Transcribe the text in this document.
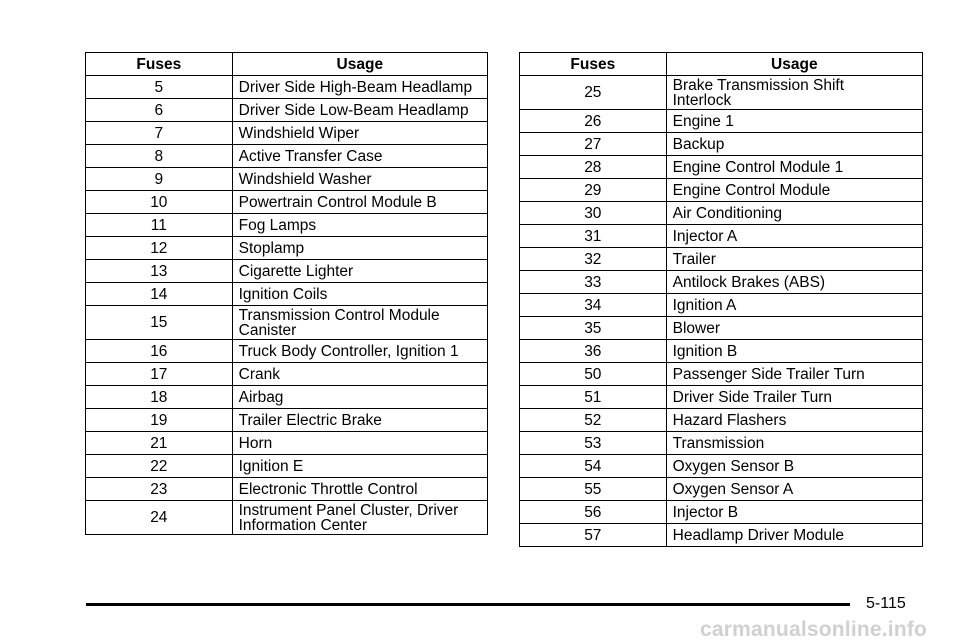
Fuses	Usage
5	Driver Side High-Beam Headlamp
6	Driver Side Low-Beam Headlamp
7	Windshield Wiper
8	Active Transfer Case
9	Windshield Washer
10	Powertrain Control Module B
11	Fog Lamps
12	Stoplamp
13	Cigarette Lighter
14	Ignition Coils
15	Transmission Control Module
Canister
16	Truck Body Controller, Ignition 1
17	Crank
18	Airbag
19	Trailer Electric Brake
21	Horn
22	Ignition E
23	Electronic Throttle Control
24	Instrument Panel Cluster, Driver
Information Center
Fuses	Usage
25	Brake Transmission Shift
Interlock
26	Engine 1
27	Backup
28	Engine Control Module 1
29	Engine Control Module
30	Air Conditioning
31	Injector A
32	Trailer
33	Antilock Brakes (ABS)
34	Ignition A
35	Blower
36	Ignition B
50	Passenger Side Trailer Turn
51	Driver Side Trailer Turn
52	Hazard Flashers
53	Transmission
54	Oxygen Sensor B
55	Oxygen Sensor A
56	Injector B
57	Headlamp Driver Module
5-115
carmanualsonline.info
